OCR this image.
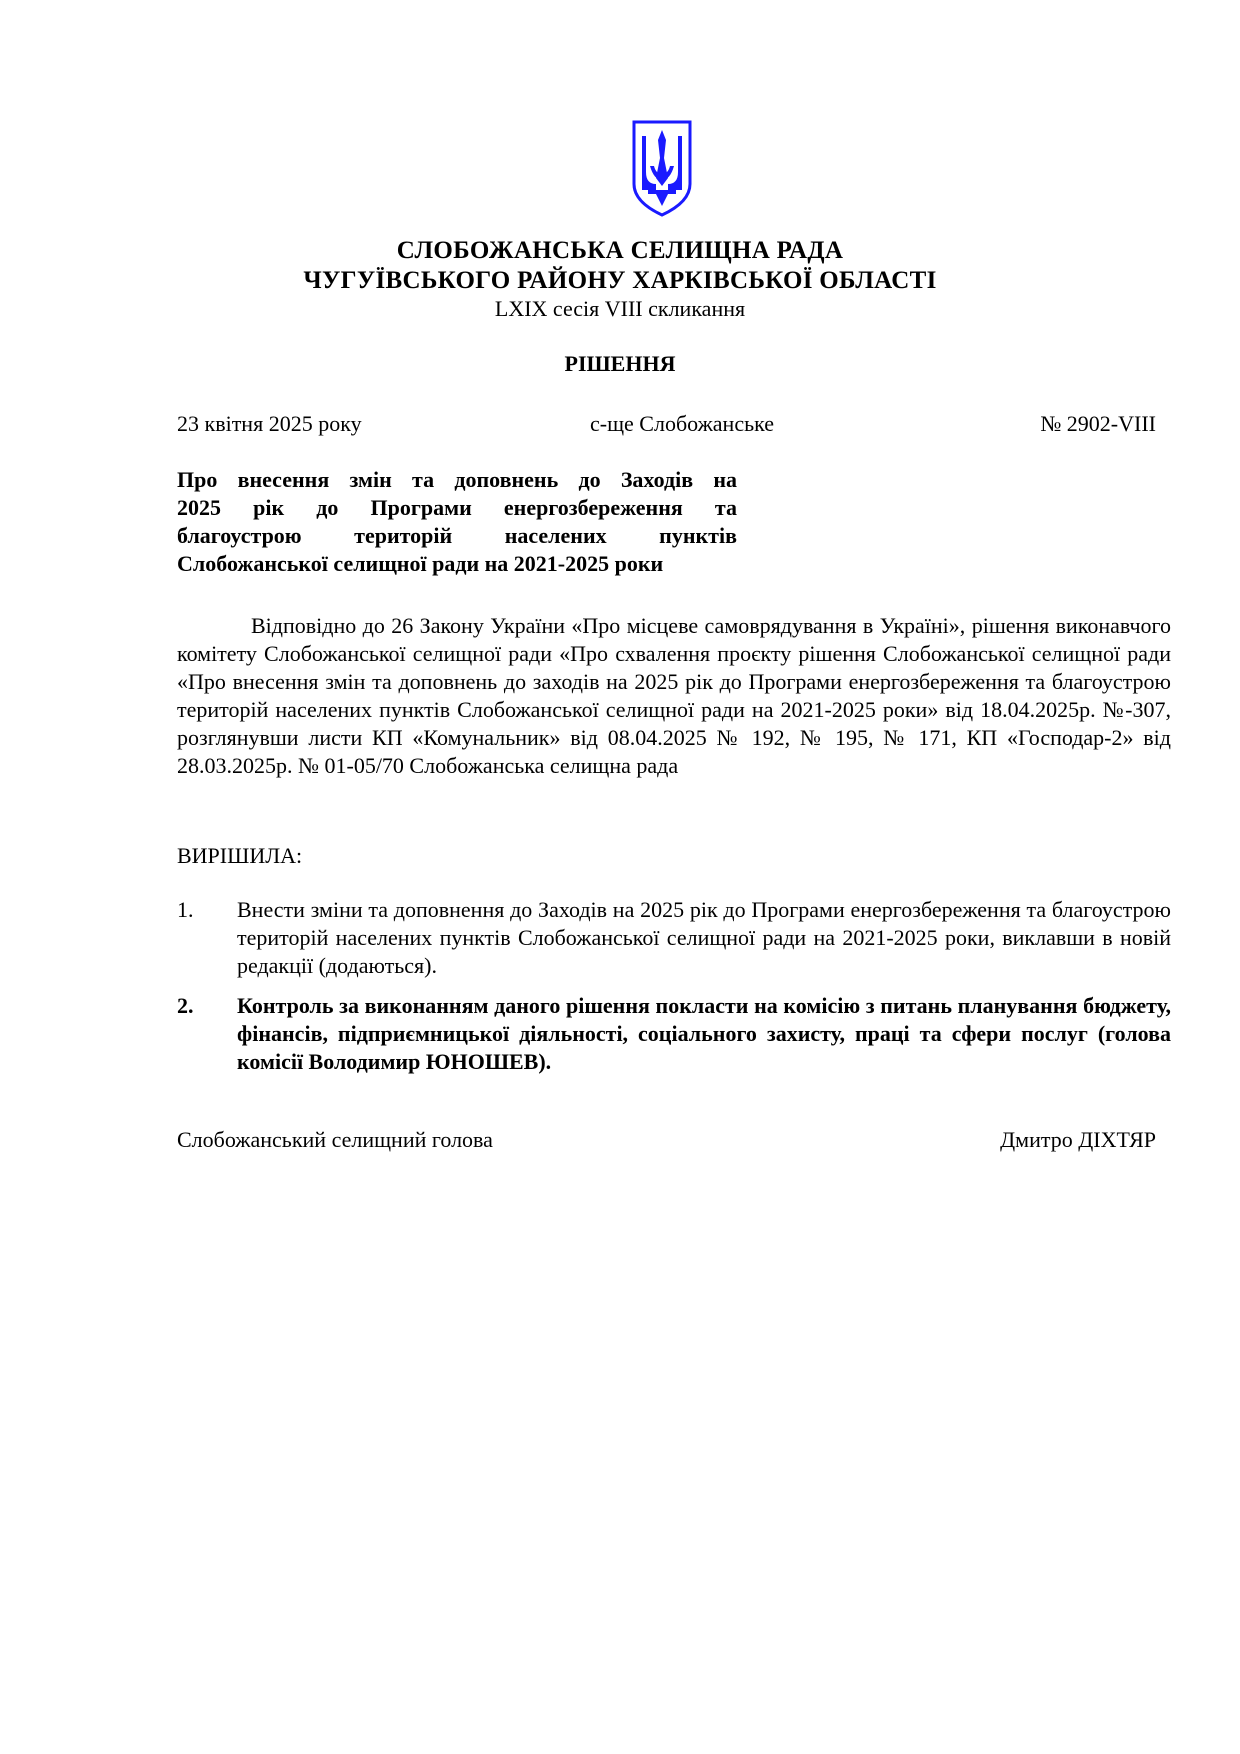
СЛОБОЖАНСЬКА СЕЛИЩНА РАДА
ЧУГУЇВСЬКОГО РАЙОНУ ХАРКІВСЬКОЇ ОБЛАСТІ
LXIX сесія VIII скликання
РІШЕННЯ
23 квітня 2025 року	с-ще Слобожанське	№ 2902-VIII
Про внесення змін та доповнень до Заходів на
2025 рік до Програми енергозбереження та
благоустрою територій населених пунктів
Слобожанської селищної ради на 2021-2025 роки
Відповідно до 26 Закону України «Про місцеве самоврядування в Україні», рішення виконавчого комітету Слобожанської селищної ради «Про схвалення проєкту рішення Слобожанської селищної ради «Про внесення змін та доповнень до заходів на 2025 рік до Програми енергозбереження та благоустрою територій населених пунктів Слобожанської селищної ради на 2021-2025 роки» від 18.04.2025р. №-307, розглянувши листи КП «Комунальник» від 08.04.2025 № 192, № 195, № 171, КП «Господар-2» від 28.03.2025р. № 01-05/70 Слобожанська селищна рада
ВИРІШИЛА:
1. Внести зміни та доповнення до Заходів на 2025 рік до Програми енергозбереження та благоустрою територій населених пунктів Слобожанської селищної ради на 2021-2025 роки, виклавши в новій редакції (додаються).
2. Контроль за виконанням даного рішення покласти на комісію з питань планування бюджету, фінансів, підприємницької діяльності, соціального захисту, праці та сфери послуг (голова комісії Володимир ЮНОШЕВ).
Слобожанський селищний голова	Дмитро ДІХТЯР
